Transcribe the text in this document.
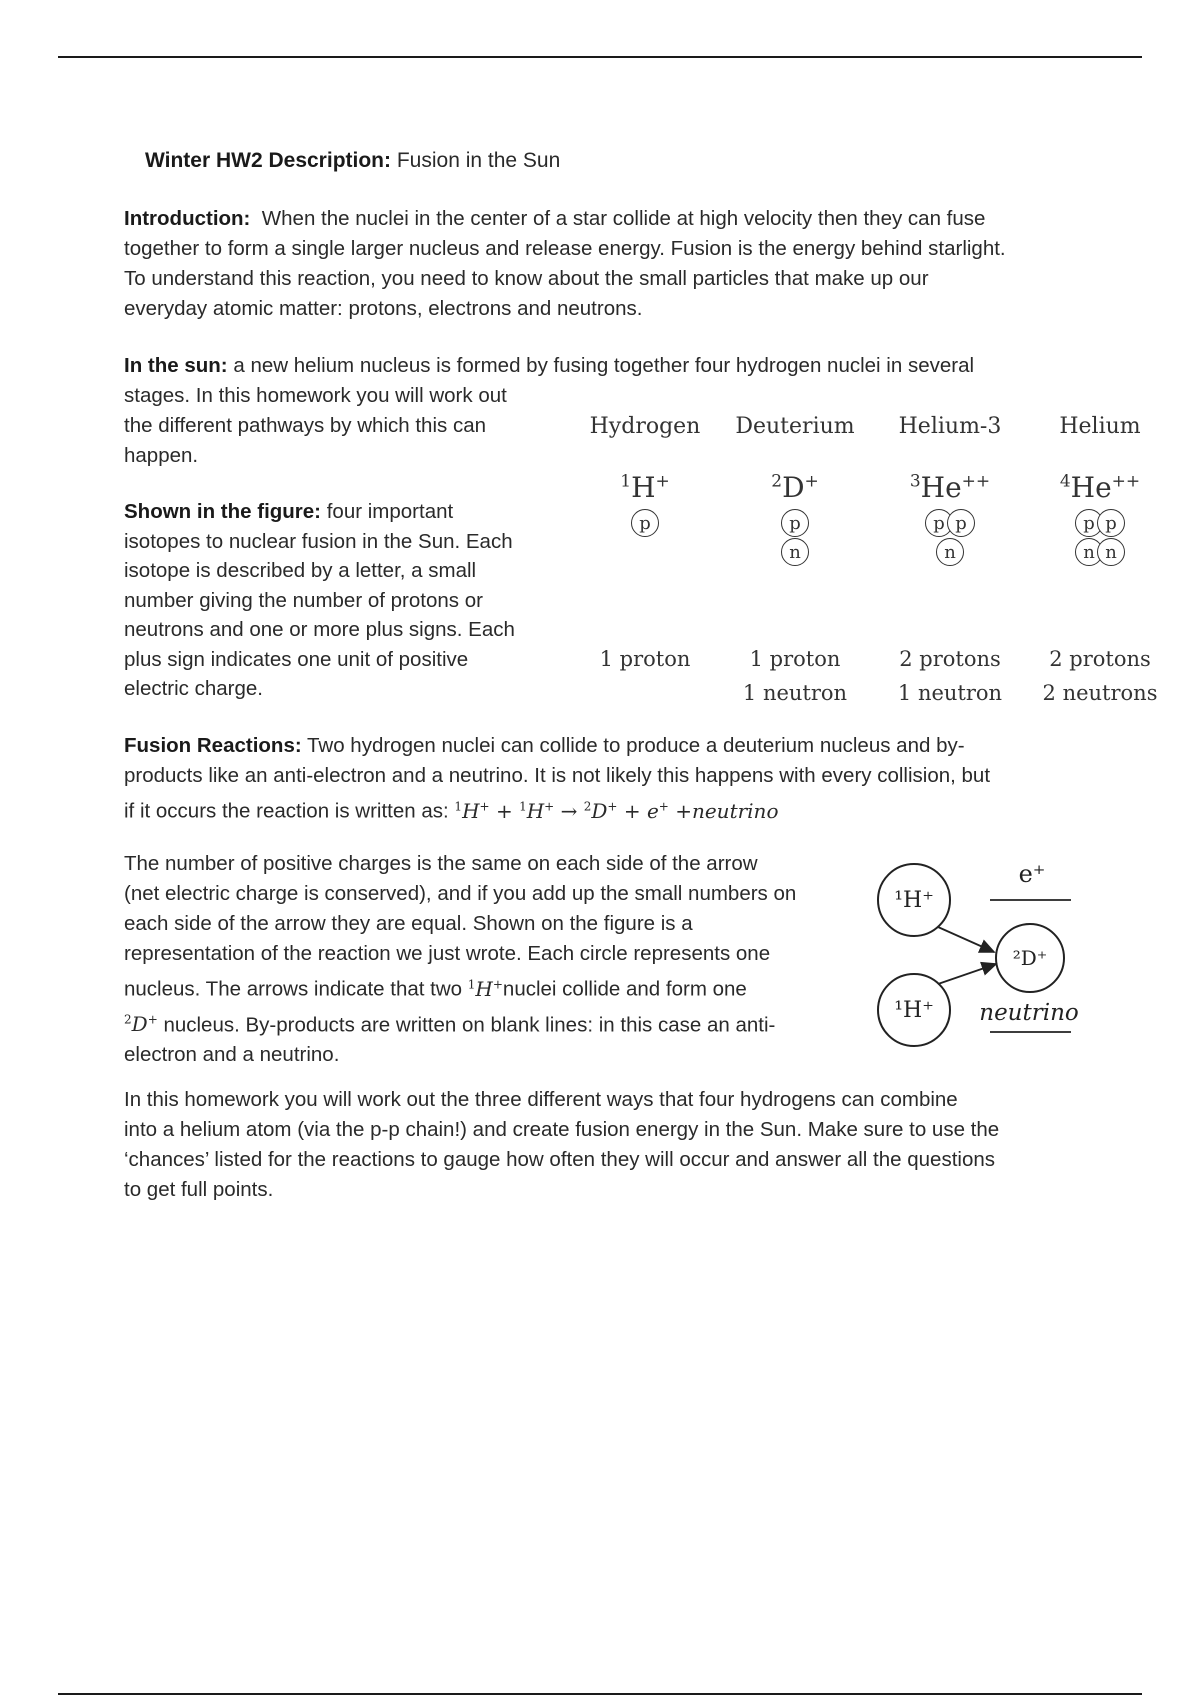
Winter HW2 Description: Fusion in the Sun
Introduction: When the nuclei in the center of a star collide at high velocity then they can fuse
together to form a single larger nucleus and release energy. Fusion is the energy behind starlight.
To understand this reaction, you need to know about the small particles that make up our
everyday atomic matter: protons, electrons and neutrons.
In the sun: a new helium nucleus is formed by fusing together four hydrogen nuclei in several
stages. In this homework you will work out
the different pathways by which this can
happen.
Shown in the figure: four important
isotopes to nuclear fusion in the Sun. Each
isotope is described by a letter, a small
number giving the number of protons or
neutrons and one or more plus signs. Each
plus sign indicates one unit of positive
electric charge.
Hydrogen
$^1$H+
p
1 proton
Deuterium
$^2$D+
p
n
1 proton
1 neutron
Helium-3
$^3$He++
p p
n
2 protons
1 neutron
Helium
$^4$He++
p p
n n
2 protons
2 neutrons
Fusion Reactions: Two hydrogen nuclei can collide to produce a deuterium nucleus and by-
products like an anti-electron and a neutrino. It is not likely this happens with every collision, but
if it occurs the reaction is written as: $^1$H+ + $^1$H+ → $^2$D+ + e+ +neutrino
The number of positive charges is the same on each side of the arrow
(net electric charge is conserved), and if you add up the small numbers on
each side of the arrow they are equal. Shown on the figure is a
representation of the reaction we just wrote. Each circle represents one
nucleus. The arrows indicate that two $^1$H+nuclei collide and form one
$^2$D+ nucleus. By-products are written on blank lines: in this case an anti-
electron and a neutrino.
¹H⁺
¹H⁺
²D⁺
e⁺
neutrino
In this homework you will work out the three different ways that four hydrogens can combine
into a helium atom (via the p-p chain!) and create fusion energy in the Sun. Make sure to use the
‘chances’ listed for the reactions to gauge how often they will occur and answer all the questions
to get full points.
